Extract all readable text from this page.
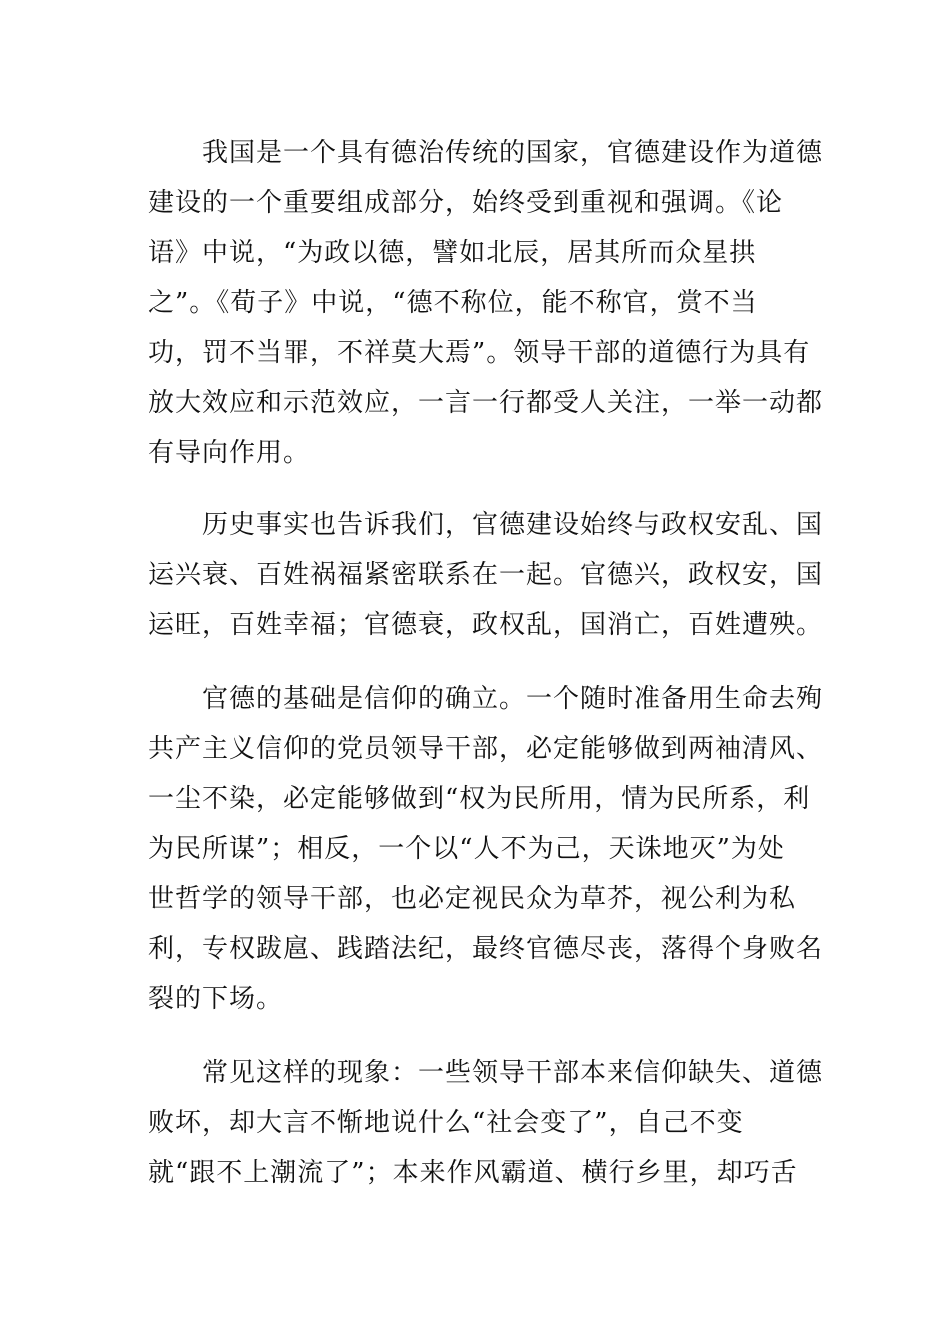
　　我国是一个具有德治传统的国家，官德建设作为道德
建设的一个重要组成部分，始终受到重视和强调。《论
语》中说，“为政以德，譬如北辰，居其所而众星拱
之”。《荀子》中说，“德不称位，能不称官，赏不当
功，罚不当罪，不祥莫大焉”。领导干部的道德行为具有
放大效应和示范效应，一言一行都受人关注，一举一动都
有导向作用。
　　历史事实也告诉我们，官德建设始终与政权安乱、国
运兴衰、百姓祸福紧密联系在一起。官德兴，政权安，国
运旺，百姓幸福；官德衰，政权乱，国消亡，百姓遭殃。
　　官德的基础是信仰的确立。一个随时准备用生命去殉
共产主义信仰的党员领导干部，必定能够做到两袖清风、
一尘不染，必定能够做到“权为民所用，情为民所系，利
为民所谋”；相反，一个以“人不为己，天诛地灭”为处
世哲学的领导干部，也必定视民众为草芥，视公利为私
利，专权跋扈、践踏法纪，最终官德尽丧，落得个身败名
裂的下场。
　　常见这样的现象：一些领导干部本来信仰缺失、道德
败坏，却大言不惭地说什么“社会变了”，自己不变
就“跟不上潮流了”；本来作风霸道、横行乡里，却巧舌
